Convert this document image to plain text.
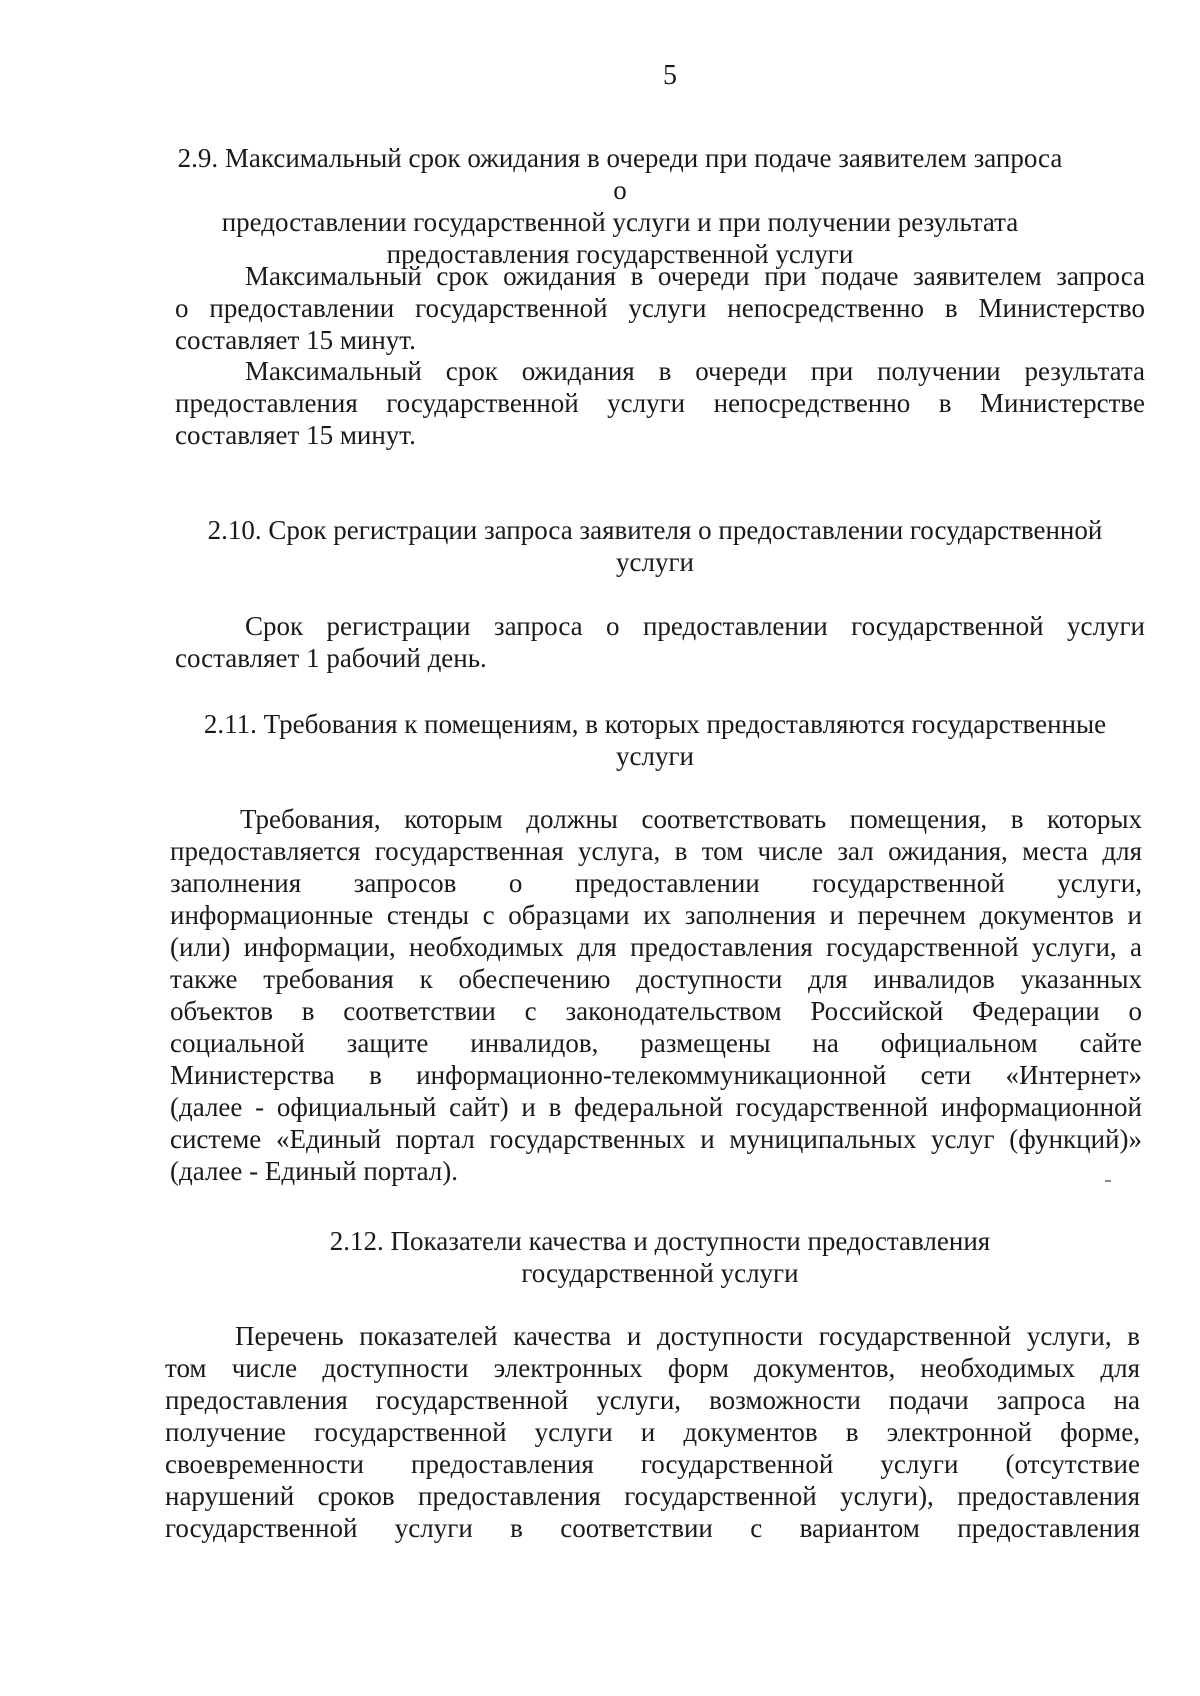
5
2.9. Максимальный срок ожидания в очереди при подаче заявителем запроса о
предоставлении государственной услуги и при получении результата
предоставления государственной услуги
Максимальный срок ожидания в очереди при подаче заявителем запроса
о предоставлении государственной услуги непосредственно в Министерство
составляет 15 минут.
Максимальный срок ожидания в очереди при получении результата
предоставления государственной услуги непосредственно в Министерстве
составляет 15 минут.
2.10. Срок регистрации запроса заявителя о предоставлении государственной
услуги
Срок регистрации запроса о предоставлении государственной услуги
составляет 1 рабочий день.
2.11. Требования к помещениям, в которых предоставляются государственные
услуги
Требования, которым должны соответствовать помещения, в которых
предоставляется государственная услуга, в том числе зал ожидания, места для
заполнения запросов о предоставлении государственной услуги,
информационные стенды с образцами их заполнения и перечнем документов и
(или) информации, необходимых для предоставления государственной услуги, а
также требования к обеспечению доступности для инвалидов указанных
объектов в соответствии с законодательством Российской Федерации о
социальной защите инвалидов, размещены на официальном сайте
Министерства в информационно-телекоммуникационной сети «Интернет»
(далее - официальный сайт) и в федеральной государственной информационной
системе «Единый портал государственных и муниципальных услуг (функций)»
(далее - Единый портал).
2.12. Показатели качества и доступности предоставления
государственной услуги
Перечень показателей качества и доступности государственной услуги, в
том числе доступности электронных форм документов, необходимых для
предоставления государственной услуги, возможности подачи запроса на
получение государственной услуги и документов в электронной форме,
своевременности предоставления государственной услуги (отсутствие
нарушений сроков предоставления государственной услуги), предоставления
государственной услуги в соответствии с вариантом предоставления
